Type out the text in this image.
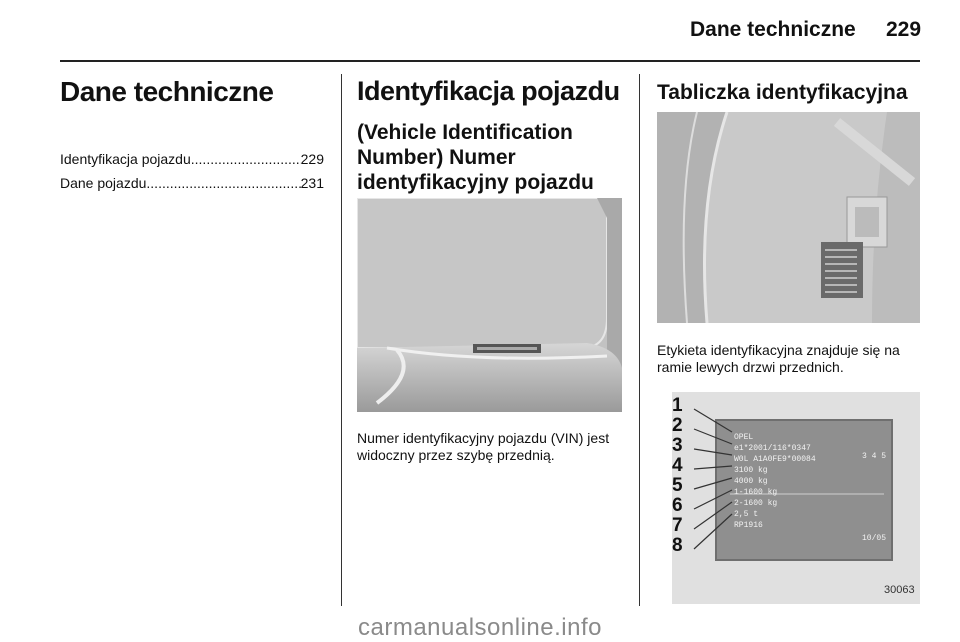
Dane techniczne 229
Dane techniczne
Identyfikacja pojazdu .....	229
Dane pojazdu .....	231
Identyfikacja pojazdu
(Vehicle Identification Number) Numer identyfikacyjny pojazdu
Numer identyfikacyjny pojazdu (VIN) jest widoczny przez szybę przednią.
Tabliczka identyfikacyjna
Etykieta identyfikacyjna znajduje się na ramie lewych drzwi przednich.
1
2
3
4
5
6
7
8
OPEL
e1*2001/116*0347
W0L A1A0FE9*00084
3100 kg
4000 kg
1-1600 kg
2-1600 kg
2,5 t
RP1916
3 4 5
10/05
30063
carmanualsonline.info
